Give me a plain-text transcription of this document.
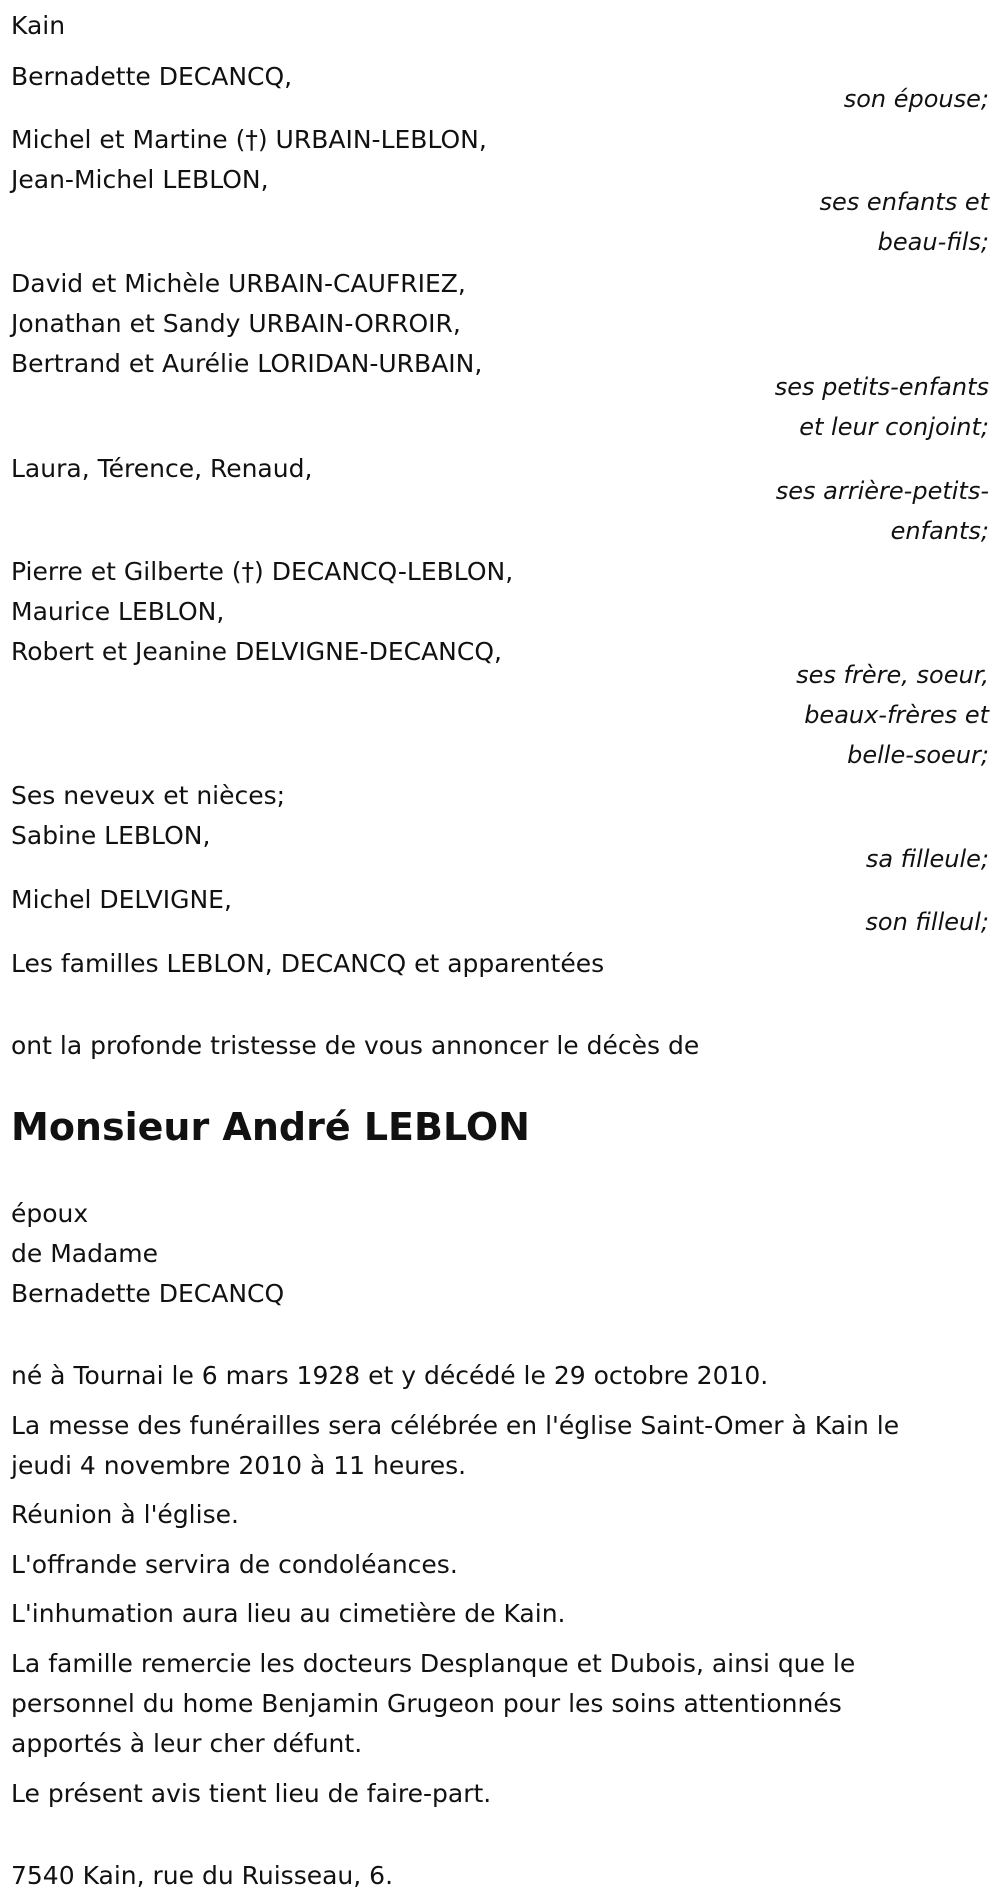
Kain

Bernadette DECANCQ,

son épouse;

Michel et Martine (†) URBAIN-LEBLON,

Jean-Michel LEBLON,

ses enfants et

beau-fils;

David et Michèle URBAIN-CAUFRIEZ,

Jonathan et Sandy URBAIN-ORROIR,

Bertrand et Aurélie LORIDAN-URBAIN,

ses petits-enfants

et leur conjoint;

Laura, Térence, Renaud,

ses arrière-petits-

enfants;

Pierre et Gilberte (†) DECANCQ-LEBLON,

Maurice LEBLON,

Robert et Jeanine DELVIGNE-DECANCQ,

ses frère, soeur,

beaux-frères et

belle-soeur;

Ses neveux et nièces;

Sabine LEBLON,

sa filleule;

Michel DELVIGNE,

son filleul;

Les familles LEBLON, DECANCQ et apparentées

ont la profonde tristesse de vous annoncer le décès de

Monsieur André LEBLON

époux

de Madame

Bernadette DECANCQ

né à Tournai le 6 mars 1928 et y décédé le 29 octobre 2010.

La messe des funérailles sera célébrée en l'église Saint-Omer à Kain le

jeudi 4 novembre 2010 à 11 heures.

Réunion à l'église.

L'offrande servira de condoléances.

L'inhumation aura lieu au cimetière de Kain.

La famille remercie les docteurs Desplanque et Dubois, ainsi que le

personnel du home Benjamin Grugeon pour les soins attentionnés

apportés à leur cher défunt.

Le présent avis tient lieu de faire-part.

7540 Kain, rue du Ruisseau, 6.
